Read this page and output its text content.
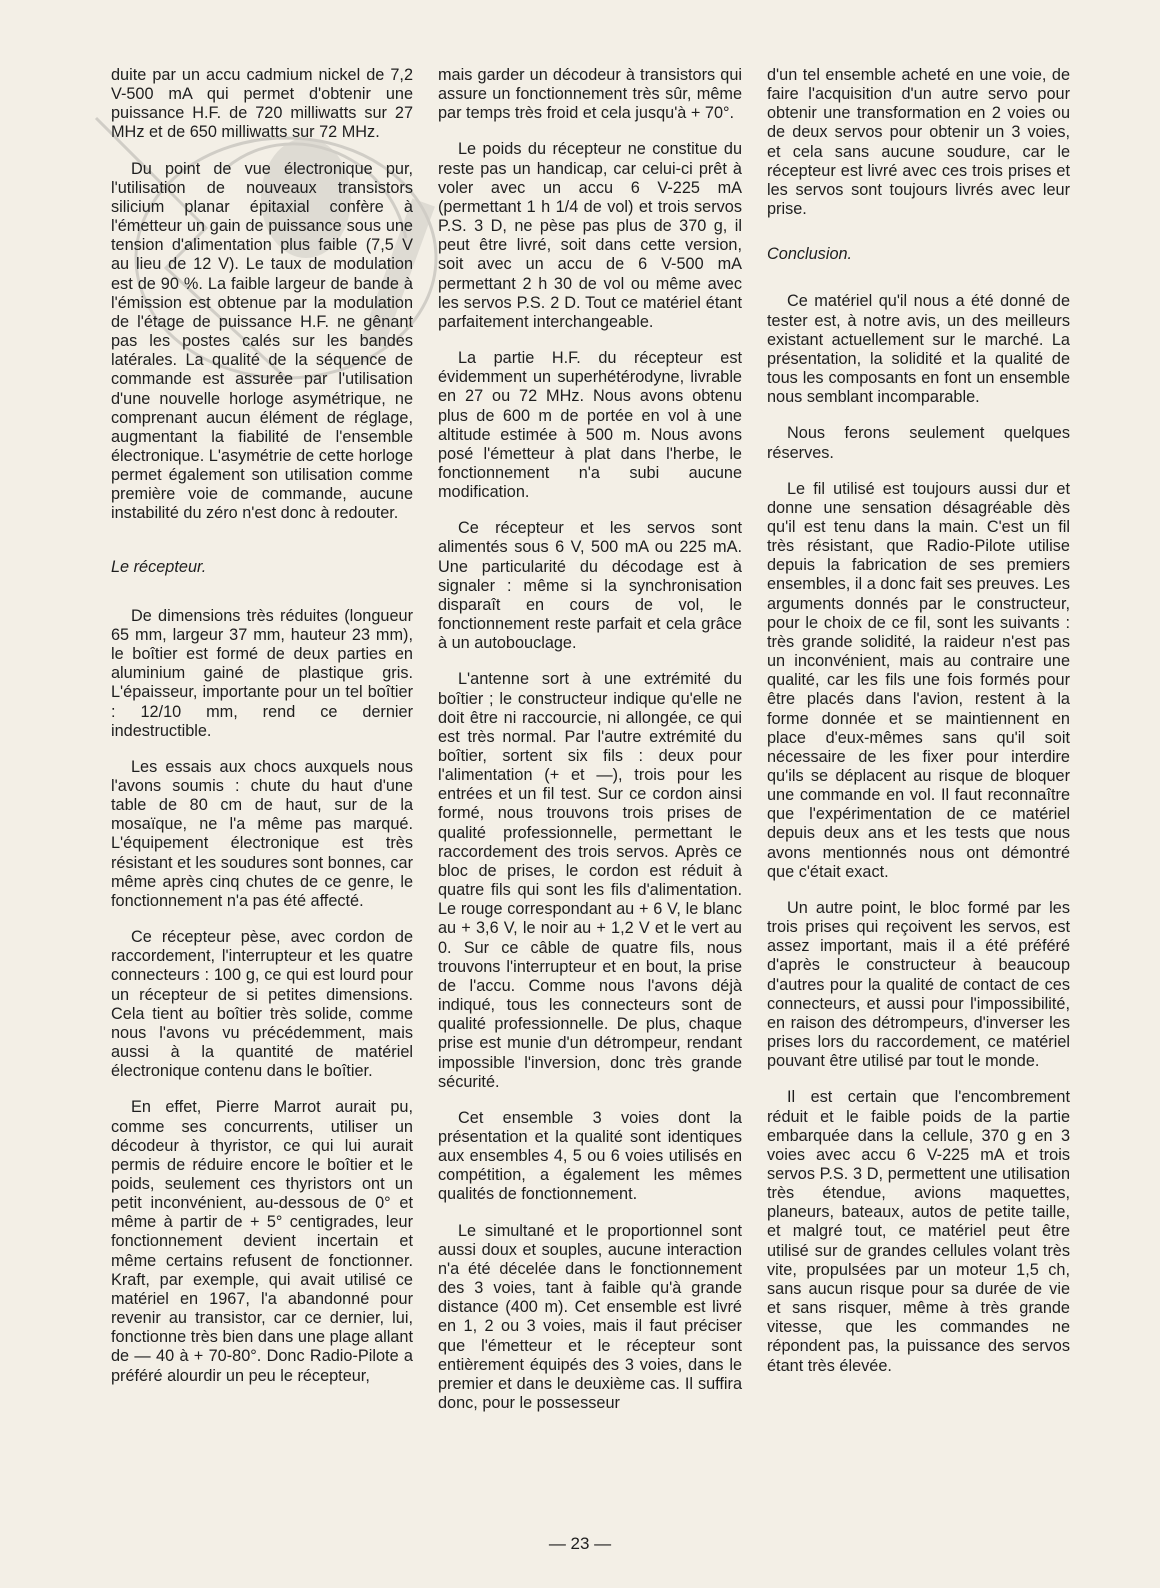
duite par un accu cadmium nickel de 7,2 V-500 mA qui permet d'obtenir une puissance H.F. de 720 milliwatts sur 27 MHz et de 650 milliwatts sur 72 MHz.

Du point de vue électronique pur, l'utilisation de nouveaux transistors silicium planar épitaxial confère à l'émetteur un gain de puissance sous une tension d'alimentation plus faible (7,5 V au lieu de 12 V). Le taux de modulation est de 90 %. La faible largeur de bande à l'émission est obtenue par la modulation de l'étage de puissance H.F. ne gênant pas les postes calés sur les bandes latérales. La qualité de la séquence de commande est assurée par l'utilisation d'une nouvelle horloge asymétrique, ne comprenant aucun élément de réglage, augmentant la fiabilité de l'ensemble électronique. L'asymétrie de cette horloge permet également son utilisation comme première voie de commande, aucune instabilité du zéro n'est donc à redouter.

Le récepteur.

De dimensions très réduites (longueur 65 mm, largeur 37 mm, hauteur 23 mm), le boîtier est formé de deux parties en aluminium gainé de plastique gris. L'épaisseur, importante pour un tel boîtier : 12/10 mm, rend ce dernier indestructible.

Les essais aux chocs auxquels nous l'avons soumis : chute du haut d'une table de 80 cm de haut, sur de la mosaïque, ne l'a même pas marqué. L'équipement électronique est très résistant et les soudures sont bonnes, car même après cinq chutes de ce genre, le fonctionnement n'a pas été affecté.

Ce récepteur pèse, avec cordon de raccordement, l'interrupteur et les quatre connecteurs : 100 g, ce qui est lourd pour un récepteur de si petites dimensions. Cela tient au boîtier très solide, comme nous l'avons vu précédemment, mais aussi à la quantité de matériel électronique contenu dans le boîtier.

En effet, Pierre Marrot aurait pu, comme ses concurrents, utiliser un décodeur à thyristor, ce qui lui aurait permis de réduire encore le boîtier et le poids, seulement ces thyristors ont un petit inconvénient, au-dessous de 0° et même à partir de + 5° centigrades, leur fonctionnement devient incertain et même certains refusent de fonctionner. Kraft, par exemple, qui avait utilisé ce matériel en 1967, l'a abandonné pour revenir au transistor, car ce dernier, lui, fonctionne très bien dans une plage allant de — 40 à + 70-80°. Donc Radio-Pilote a préféré alourdir un peu le récepteur,

mais garder un décodeur à transistors qui assure un fonctionnement très sûr, même par temps très froid et cela jusqu'à + 70°.

Le poids du récepteur ne constitue du reste pas un handicap, car celui-ci prêt à voler avec un accu 6 V-225 mA (permettant 1 h 1/4 de vol) et trois servos P.S. 3 D, ne pèse pas plus de 370 g, il peut être livré, soit dans cette version, soit avec un accu de 6 V-500 mA permettant 2 h 30 de vol ou même avec les servos P.S. 2 D. Tout ce matériel étant parfaitement interchangeable.

La partie H.F. du récepteur est évidemment un superhétérodyne, livrable en 27 ou 72 MHz. Nous avons obtenu plus de 600 m de portée en vol à une altitude estimée à 500 m. Nous avons posé l'émetteur à plat dans l'herbe, le fonctionnement n'a subi aucune modification.

Ce récepteur et les servos sont alimentés sous 6 V, 500 mA ou 225 mA. Une particularité du décodage est à signaler : même si la synchronisation disparaît en cours de vol, le fonctionnement reste parfait et cela grâce à un autobouclage.

L'antenne sort à une extrémité du boîtier ; le constructeur indique qu'elle ne doit être ni raccourcie, ni allongée, ce qui est très normal. Par l'autre extrémité du boîtier, sortent six fils : deux pour l'alimentation (+ et —), trois pour les entrées et un fil test. Sur ce cordon ainsi formé, nous trouvons trois prises de qualité professionnelle, permettant le raccordement des trois servos. Après ce bloc de prises, le cordon est réduit à quatre fils qui sont les fils d'alimentation. Le rouge correspondant au + 6 V, le blanc au + 3,6 V, le noir au + 1,2 V et le vert au 0. Sur ce câble de quatre fils, nous trouvons l'interrupteur et en bout, la prise de l'accu. Comme nous l'avons déjà indiqué, tous les connecteurs sont de qualité professionnelle. De plus, chaque prise est munie d'un détrompeur, rendant impossible l'inversion, donc très grande sécurité.

Cet ensemble 3 voies dont la présentation et la qualité sont identiques aux ensembles 4, 5 ou 6 voies utilisés en compétition, a également les mêmes qualités de fonctionnement.

Le simultané et le proportionnel sont aussi doux et souples, aucune interaction n'a été décelée dans le fonctionnement des 3 voies, tant à faible qu'à grande distance (400 m). Cet ensemble est livré en 1, 2 ou 3 voies, mais il faut préciser que l'émetteur et le récepteur sont entièrement équipés des 3 voies, dans le premier et dans le deuxième cas. Il suffira donc, pour le possesseur

d'un tel ensemble acheté en une voie, de faire l'acquisition d'un autre servo pour obtenir une transformation en 2 voies ou de deux servos pour obtenir un 3 voies, et cela sans aucune soudure, car le récepteur est livré avec ces trois prises et les servos sont toujours livrés avec leur prise.

Conclusion.

Ce matériel qu'il nous a été donné de tester est, à notre avis, un des meilleurs existant actuellement sur le marché. La présentation, la solidité et la qualité de tous les composants en font un ensemble nous semblant incomparable.

Nous ferons seulement quelques réserves.

Le fil utilisé est toujours aussi dur et donne une sensation désagréable dès qu'il est tenu dans la main. C'est un fil très résistant, que Radio-Pilote utilise depuis la fabrication de ses premiers ensembles, il a donc fait ses preuves. Les arguments donnés par le constructeur, pour le choix de ce fil, sont les suivants : très grande solidité, la raideur n'est pas un inconvénient, mais au contraire une qualité, car les fils une fois formés pour être placés dans l'avion, restent à la forme donnée et se maintiennent en place d'eux-mêmes sans qu'il soit nécessaire de les fixer pour interdire qu'ils se déplacent au risque de bloquer une commande en vol. Il faut reconnaître que l'expérimentation de ce matériel depuis deux ans et les tests que nous avons mentionnés nous ont démontré que c'était exact.

Un autre point, le bloc formé par les trois prises qui reçoivent les servos, est assez important, mais il a été préféré d'après le constructeur à beaucoup d'autres pour la qualité de contact de ces connecteurs, et aussi pour l'impossibilité, en raison des détrompeurs, d'inverser les prises lors du raccordement, ce matériel pouvant être utilisé par tout le monde.

Il est certain que l'encombrement réduit et le faible poids de la partie embarquée dans la cellule, 370 g en 3 voies avec accu 6 V-225 mA et trois servos P.S. 3 D, permettent une utilisation très étendue, avions maquettes, planeurs, bateaux, autos de petite taille, et malgré tout, ce matériel peut être utilisé sur de grandes cellules volant très vite, propulsées par un moteur 1,5 ch, sans aucun risque pour sa durée de vie et sans risquer, même à très grande vitesse, que les commandes ne répondent pas, la puissance des servos étant très élevée.

— 23 —
